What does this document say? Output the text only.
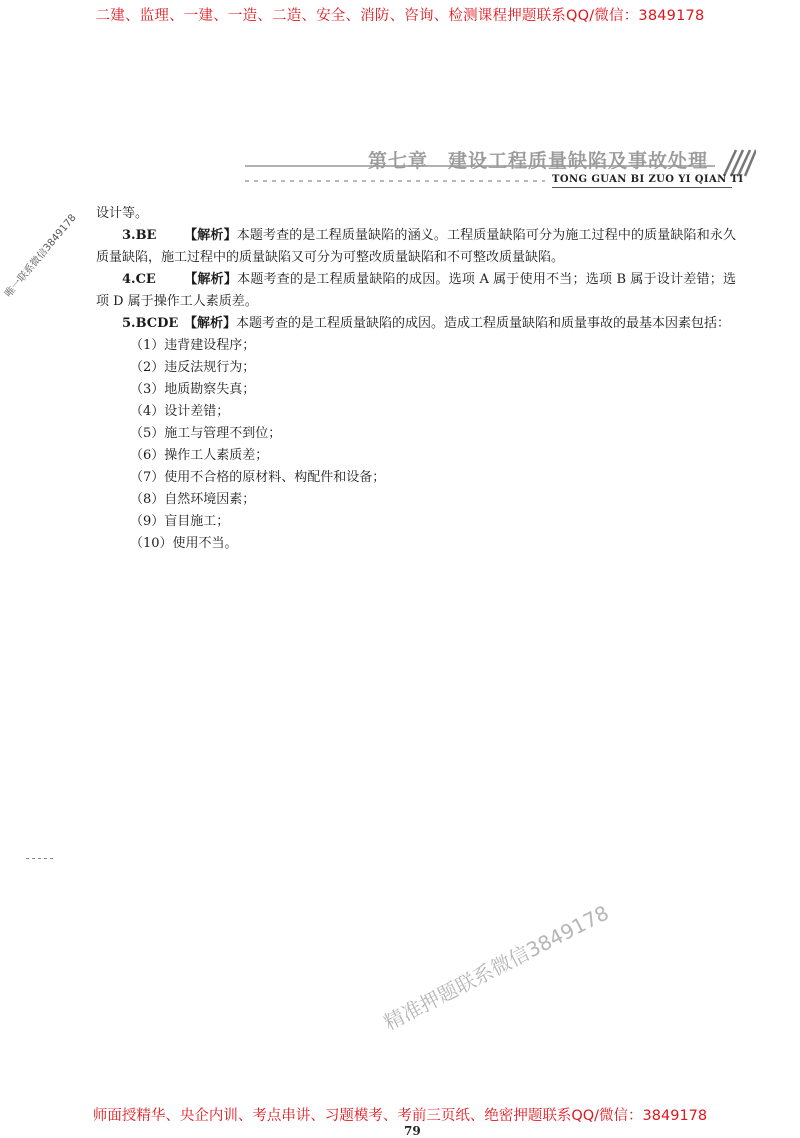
二建、监理、一建、一造、二造、安全、消防、咨询、检测课程押题联系QQ/微信：3849178
第七章　建设工程质量缺陷及事故处理
TONG GUAN BI ZUO YI QIAN TI

设计等。

3.BE 【解析】本题考查的是工程质量缺陷的涵义。工程质量缺陷可分为施工过程中的质量缺陷和永久质量缺陷，施工过程中的质量缺陷又可分为可整改质量缺陷和不可整改质量缺陷。

4.CE 【解析】本题考查的是工程质量缺陷的成因。选项 A 属于使用不当；选项 B 属于设计差错；选项 D 属于操作工人素质差。

5.BCDE 【解析】本题考查的是工程质量缺陷的成因。造成工程质量缺陷和质量事故的最基本因素包括：

（1）违背建设程序；

（2）违反法规行为；

（3）地质勘察失真；

（4）设计差错；

（5）施工与管理不到位；

（6）操作工人素质差；

（7）使用不合格的原材料、构配件和设备；

（8）自然环境因素；

（9）盲目施工；

（10）使用不当。

唯一联系微信3849178
精准押题联系微信3849178
师面授精华、央企内训、考点串讲、习题模考、考前三页纸、绝密押题联系QQ/微信：3849178
79
